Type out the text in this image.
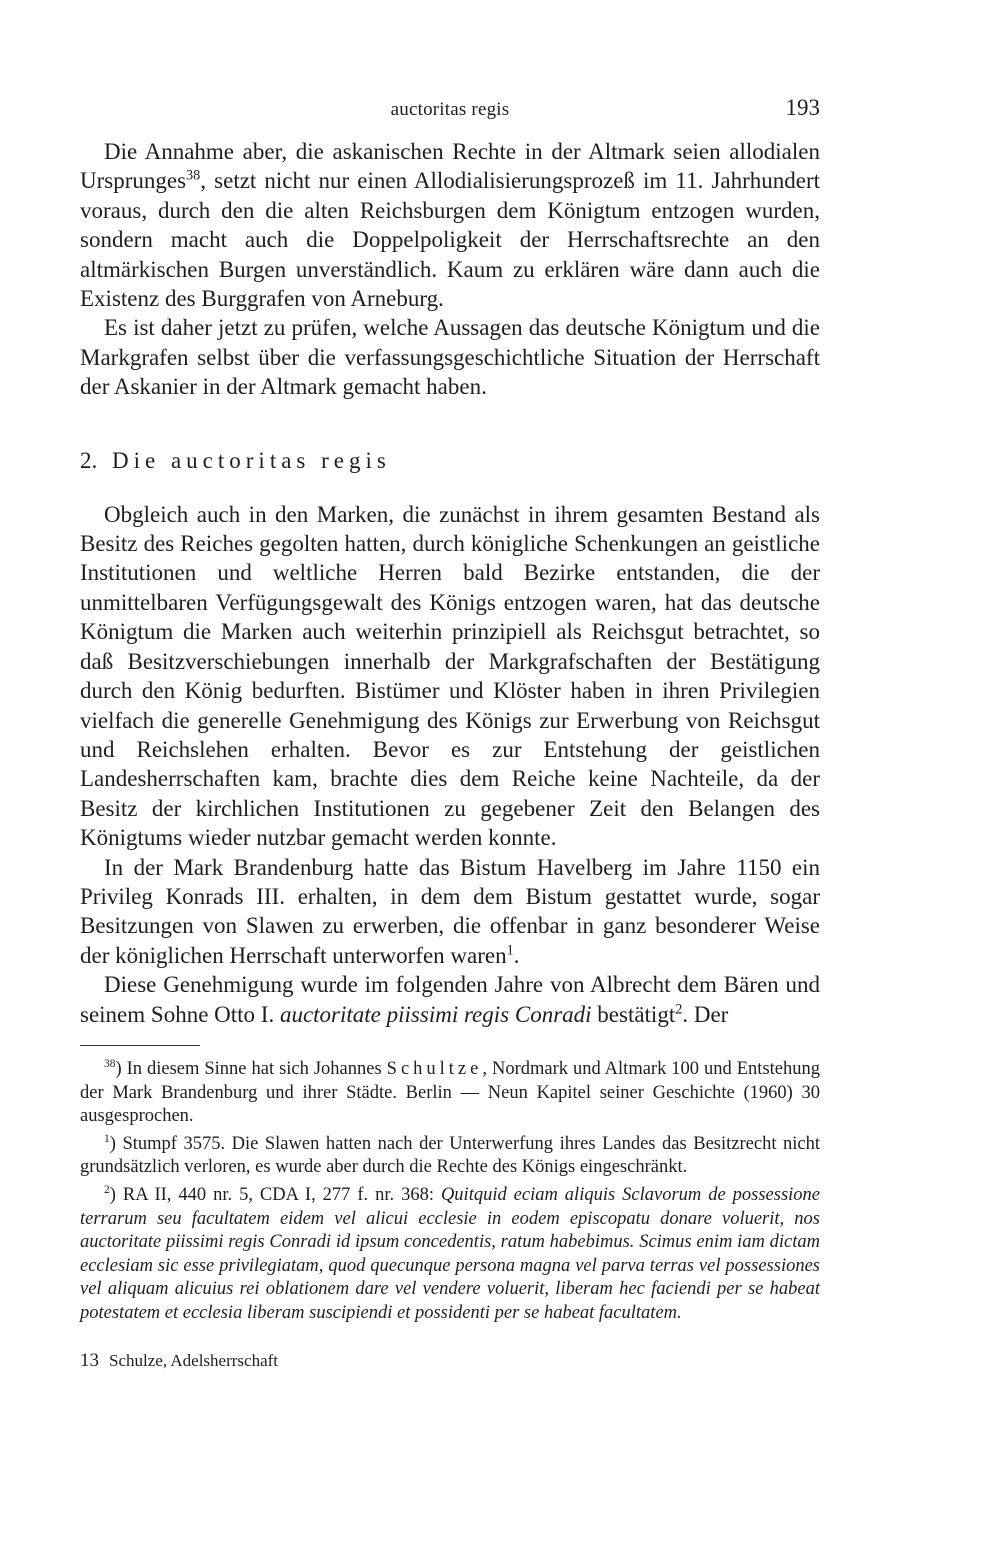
auctoritas regis	193

Die Annahme aber, die askanischen Rechte in der Altmark seien allodialen Ursprunges$^{38}$, setzt nicht nur einen Allodialisierungsprozeß im 11. Jahrhundert voraus, durch den die alten Reichsburgen dem Königtum entzogen wurden, sondern macht auch die Doppelpoligkeit der Herrschaftsrechte an den altmärkischen Burgen unverständlich. Kaum zu erklären wäre dann auch die Existenz des Burggrafen von Arneburg.

Es ist daher jetzt zu prüfen, welche Aussagen das deutsche Königtum und die Markgrafen selbst über die verfassungsgeschichtliche Situation der Herrschaft der Askanier in der Altmark gemacht haben.

2. Die auctoritas regis

Obgleich auch in den Marken, die zunächst in ihrem gesamten Bestand als Besitz des Reiches gegolten hatten, durch königliche Schenkungen an geistliche Institutionen und weltliche Herren bald Bezirke entstanden, die der unmittelbaren Verfügungsgewalt des Königs entzogen waren, hat das deutsche Königtum die Marken auch weiterhin prinzipiell als Reichsgut betrachtet, so daß Besitzverschiebungen innerhalb der Markgrafschaften der Bestätigung durch den König bedurften. Bistümer und Klöster haben in ihren Privilegien vielfach die generelle Genehmigung des Königs zur Erwerbung von Reichsgut und Reichslehen erhalten. Bevor es zur Entstehung der geistlichen Landesherrschaften kam, brachte dies dem Reiche keine Nachteile, da der Besitz der kirchlichen Institutionen zu gegebener Zeit den Belangen des Königtums wieder nutzbar gemacht werden konnte.

In der Mark Brandenburg hatte das Bistum Havelberg im Jahre 1150 ein Privileg Konrads III. erhalten, in dem dem Bistum gestattet wurde, sogar Besitzungen von Slawen zu erwerben, die offenbar in ganz besonderer Weise der königlichen Herrschaft unterworfen waren$^1$.

Diese Genehmigung wurde im folgenden Jahre von Albrecht dem Bären und seinem Sohne Otto I. auctoritate piissimi regis Conradi bestätigt$^2$. Der

$^{38}$) In diesem Sinne hat sich Johannes Schultze, Nordmark und Altmark 100 und Entstehung der Mark Brandenburg und ihrer Städte. Berlin — Neun Kapitel seiner Geschichte (1960) 30 ausgesprochen.

$^1$) Stumpf 3575. Die Slawen hatten nach der Unterwerfung ihres Landes das Besitzrecht nicht grundsätzlich verloren, es wurde aber durch die Rechte des Königs eingeschränkt.

$^2$) RA II, 440 nr. 5, CDA I, 277 f. nr. 368: Quitquid eciam aliquis Sclavorum de possessione terrarum seu facultatem eidem vel alicui ecclesie in eodem episcopatu donare voluerit, nos auctoritate piissimi regis Conradi id ipsum concedentis, ratum habebimus. Scimus enim iam dictam ecclesiam sic esse privilegiatam, quod quecunque persona magna vel parva terras vel possessiones vel aliquam alicuius rei oblationem dare vel vendere voluerit, liberam hec faciendi per se habeat potestatem et ecclesia liberam suscipiendi et possidenti per se habeat facultatem.

13 Schulze, Adelsherrschaft
